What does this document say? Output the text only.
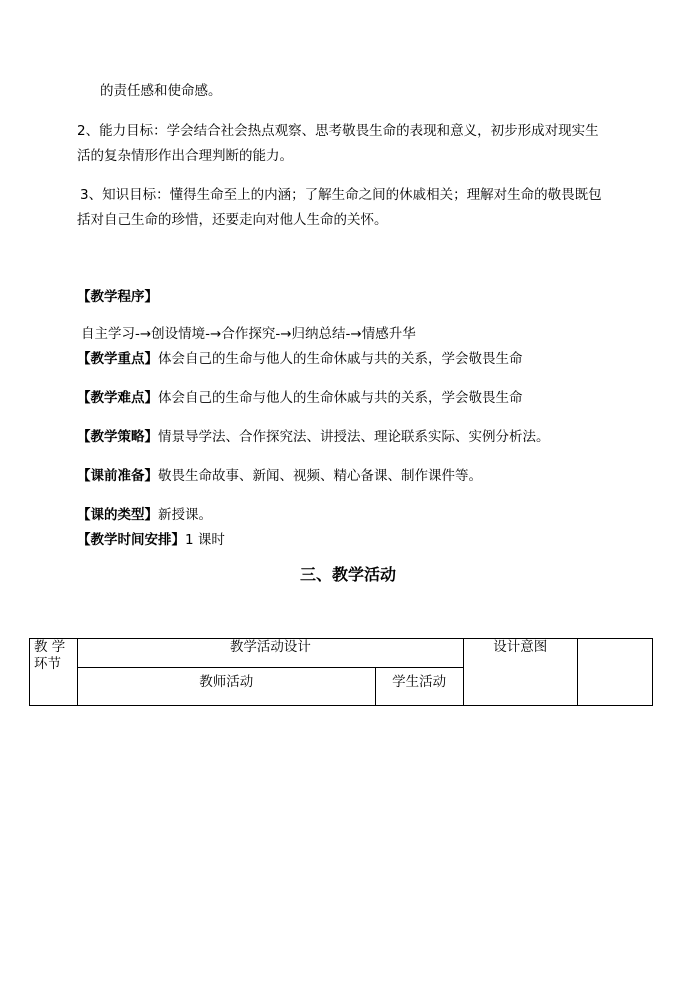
的责任感和使命感。
2、能力目标：学会结合社会热点观察、思考敬畏生命的表现和意义，初步形成对现实生
活的复杂情形作出合理判断的能力。
3、知识目标：懂得生命至上的内涵；了解生命之间的休戚相关；理解对生命的敬畏既包
括对自己生命的珍惜，还要走向对他人生命的关怀。
【教学程序】
自主学习-→创设情境-→合作探究-→归纳总结-→情感升华
【教学重点】体会自己的生命与他人的生命休戚与共的关系，学会敬畏生命
【教学难点】体会自己的生命与他人的生命休戚与共的关系，学会敬畏生命
【教学策略】情景导学法、合作探究法、讲授法、理论联系实际、实例分析法。
【课前准备】敬畏生命故事、新闻、视频、精心备课、制作课件等。
【课的类型】新授课。
【教学时间安排】1 课时
三、教学活动
教 学
环节	教学活动设计		设计意图	
	教师活动	学生活动		
